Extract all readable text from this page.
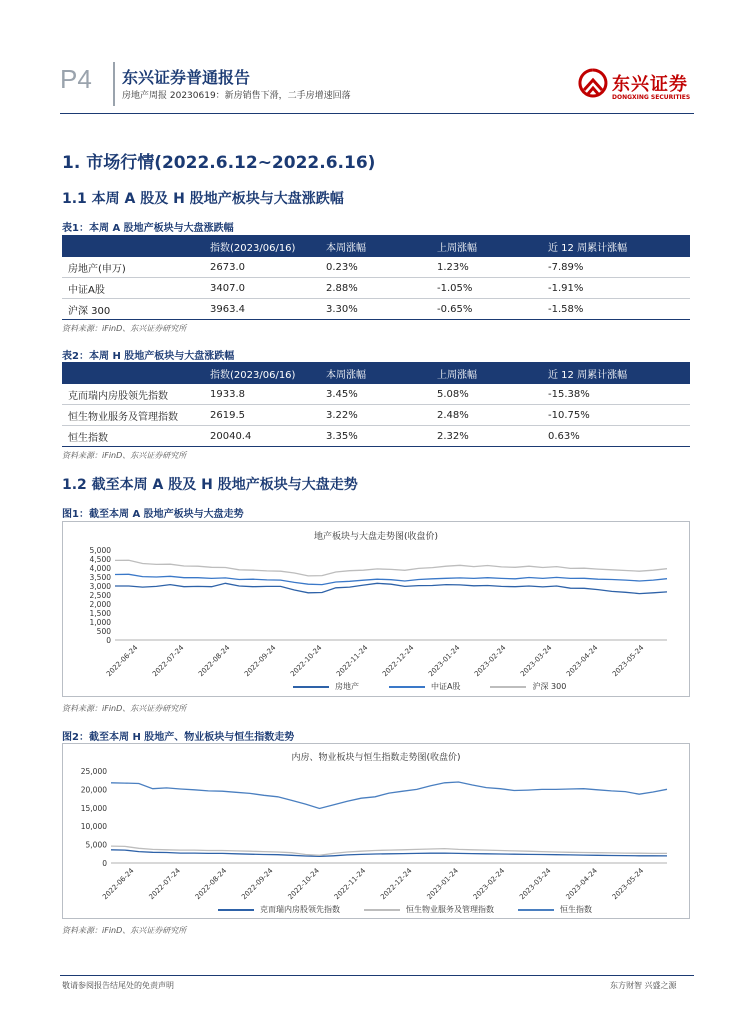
P4 东兴证券普通报告
房地产周报 20230619：新房销售下滑，二手房增速回落
东兴证券
DONGXING SECURITIES
1. 市场行情(2022.6.12~2022.6.16)
1.1 本周 A 股及 H 股地产板块与大盘涨跌幅
表1：本周 A 股地产板块与大盘涨跌幅
	指数(2023/06/16)	本周涨幅	上周涨幅	近 12 周累计涨幅
房地产(申万)	2673.0	0.23%	1.23%	-7.89%
中证A股	3407.0	2.88%	-1.05%	-1.91%
沪深 300	3963.4	3.30%	-0.65%	-1.58%
资料来源：iFinD、东兴证券研究所
表2：本周 H 股地产板块与大盘涨跌幅
	指数(2023/06/16)	本周涨幅	上周涨幅	近 12 周累计涨幅
克而瑞内房股领先指数	1933.8	3.45%	5.08%	-15.38%
恒生物业服务及管理指数	2619.5	3.22%	2.48%	-10.75%
恒生指数	20040.4	3.35%	2.32%	0.63%
资料来源：iFinD、东兴证券研究所
1.2 截至本周 A 股及 H 股地产板块与大盘走势
图1：截至本周 A 股地产板块与大盘走势
地产板块与大盘走势图(收盘价)
0
500
1,000
1,500
2,000
2,500
3,000
3,500
4,000
4,500
5,000
2022-06-24 2022-07-24 2022-08-24 2022-09-24 2022-10-24 2022-11-24 2022-12-24 2023-01-24 2023-02-24 2023-03-24 2023-04-24 2023-05-24
房地产	中证A股	沪深 300
资料来源：iFinD、东兴证券研究所
图2：截至本周 H 股地产、物业板块与恒生指数走势
内房、物业板块与恒生指数走势图(收盘价)
0
5,000
10,000
15,000
20,000
25,000
2022-06-24 2022-07-24 2022-08-24 2022-09-24 2022-10-24 2022-11-24 2022-12-24 2023-01-24 2023-02-24 2023-03-24 2023-04-24 2023-05-24
克而瑞内房股领先指数	恒生物业服务及管理指数	恒生指数
资料来源：iFinD、东兴证券研究所
敬请参阅报告结尾处的免责声明	东方财智 兴盛之源
